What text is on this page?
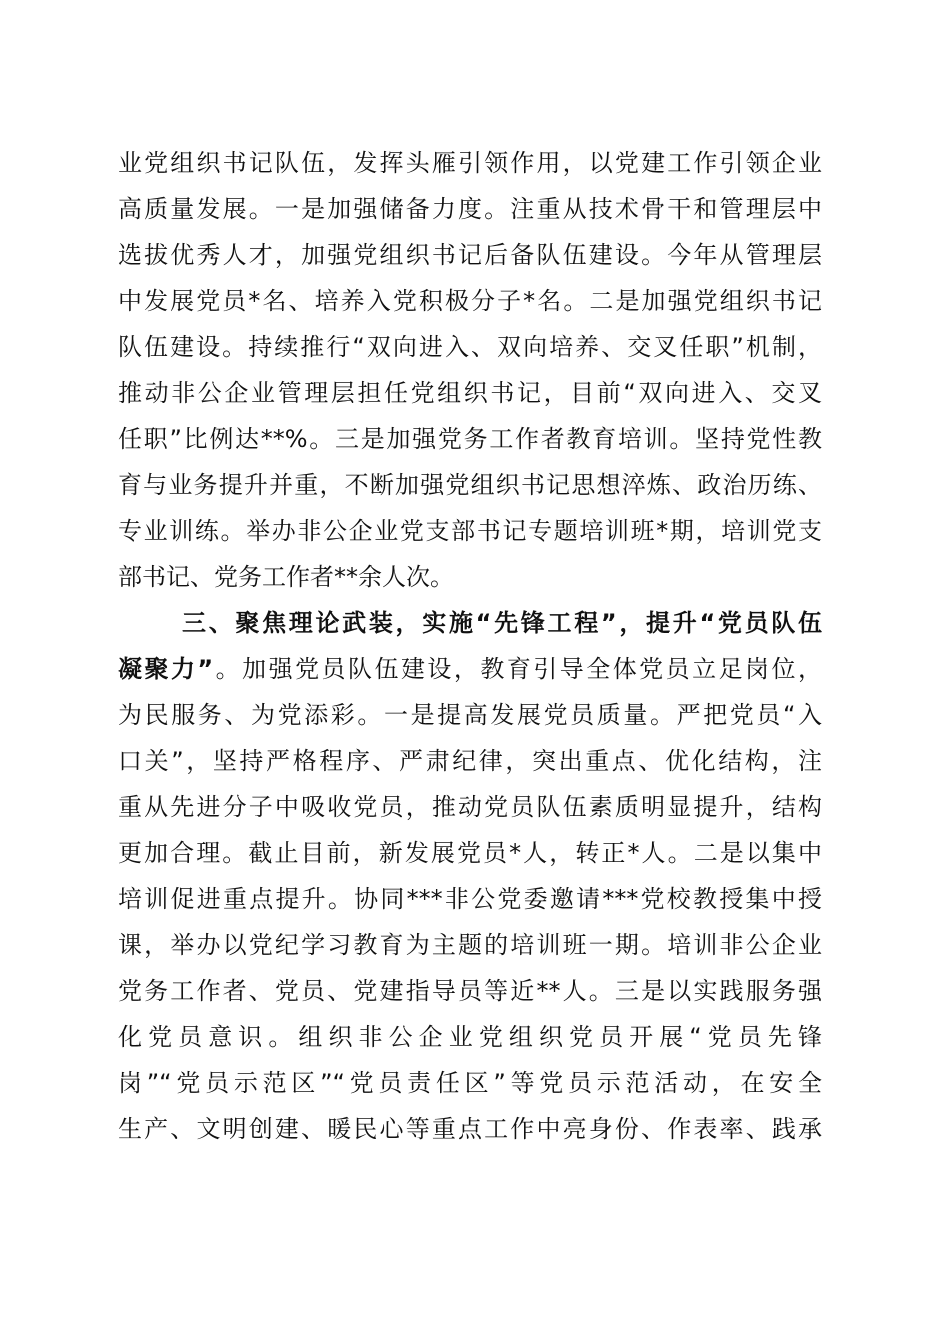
业党组织书记队伍，发挥头雁引领作用，以党建工作引领企业
高质量发展。一是加强储备力度。注重从技术骨干和管理层中
选拔优秀人才，加强党组织书记后备队伍建设。今年从管理层
中发展党员*名、培养入党积极分子*名。二是加强党组织书记
队伍建设。持续推行“双向进入、双向培养、交叉任职”机制，
推动非公企业管理层担任党组织书记，目前“双向进入、交叉
任职”比例达**%。三是加强党务工作者教育培训。坚持党性教
育与业务提升并重，不断加强党组织书记思想淬炼、政治历练、
专业训练。举办非公企业党支部书记专题培训班*期，培训党支
部书记、党务工作者**余人次。
三、聚焦理论武装，实施“先锋工程”，提升“党员队伍
凝聚力”。加强党员队伍建设，教育引导全体党员立足岗位，
为民服务、为党添彩。一是提高发展党员质量。严把党员“入
口关”，坚持严格程序、严肃纪律，突出重点、优化结构，注
重从先进分子中吸收党员，推动党员队伍素质明显提升，结构
更加合理。截止目前，新发展党员*人，转正*人。二是以集中
培训促进重点提升。协同***非公党委邀请***党校教授集中授
课，举办以党纪学习教育为主题的培训班一期。培训非公企业
党务工作者、党员、党建指导员等近**人。三是以实践服务强
化党员意识。组织非公企业党组织党员开展“党员先锋
岗”“党员示范区”“党员责任区”等党员示范活动，在安全
生产、文明创建、暖民心等重点工作中亮身份、作表率、践承
